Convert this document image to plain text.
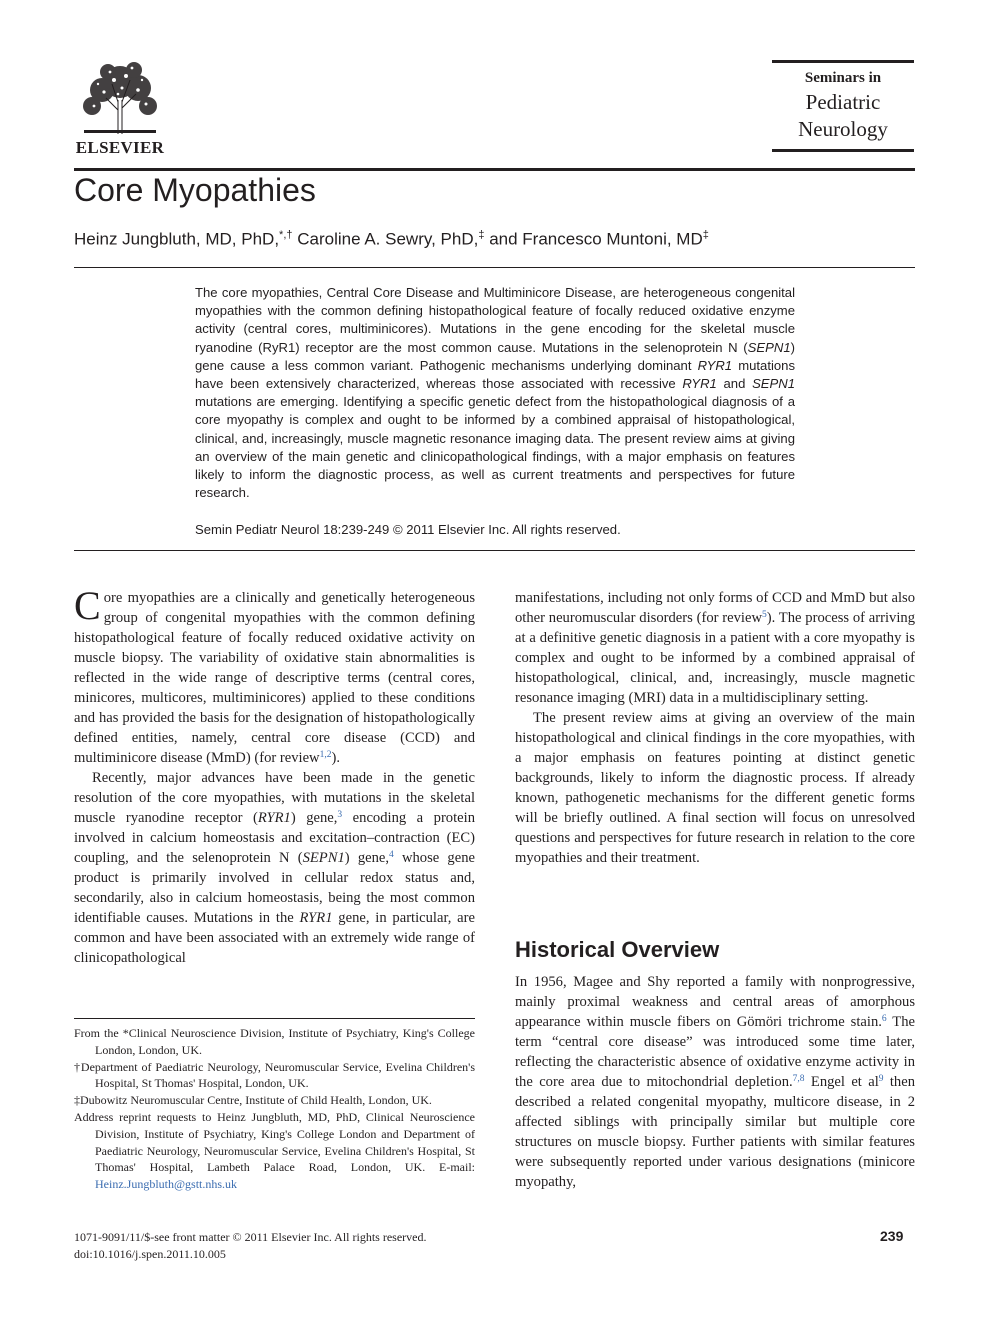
ELSEVIER
Seminars in
Pediatric
Neurology
Core Myopathies
Heinz Jungbluth, MD, PhD,*,† Caroline A. Sewry, PhD,‡ and Francesco Muntoni, MD‡

The core myopathies, Central Core Disease and Multiminicore Disease, are heterogeneous congenital myopathies with the common defining histopathological feature of focally reduced oxidative enzyme activity (central cores, multiminicores). Mutations in the gene encoding for the skeletal muscle ryanodine (RyR1) receptor are the most common cause. Mutations in the selenoprotein N (SEPN1) gene cause a less common variant. Pathogenic mechanisms underlying dominant RYR1 mutations have been extensively characterized, whereas those associated with recessive RYR1 and SEPN1 mutations are emerging. Identifying a specific genetic defect from the histopathological diagnosis of a core myopathy is complex and ought to be informed by a combined appraisal of histopathological, clinical, and, increasingly, muscle magnetic resonance imaging data. The present review aims at giving an overview of the main genetic and clinicopathological findings, with a major emphasis on features likely to inform the diagnostic process, as well as current treatments and perspectives for future research.

Semin Pediatr Neurol 18:239-249 © 2011 Elsevier Inc. All rights reserved.

Core myopathies are a clinically and genetically heterogeneous group of congenital myopathies with the common defining histopathological feature of focally reduced oxidative activity on muscle biopsy. The variability of oxidative stain abnormalities is reflected in the wide range of descriptive terms (central cores, minicores, multicores, multiminicores) applied to these conditions and has provided the basis for the designation of histopathologically defined entities, namely, central core disease (CCD) and multiminicore disease (MmD) (for review$^{1,2}$).

Recently, major advances have been made in the genetic resolution of the core myopathies, with mutations in the skeletal muscle ryanodine receptor (RYR1) gene,$^3$ encoding a protein involved in calcium homeostasis and excitation–contraction (EC) coupling, and the selenoprotein N (SEPN1) gene,$^4$ whose gene product is primarily involved in cellular redox status and, secondarily, also in calcium homeostasis, being the most common identifiable causes. Mutations in the RYR1 gene, in particular, are common and have been associated with an extremely wide range of clinicopathological

manifestations, including not only forms of CCD and MmD but also other neuromuscular disorders (for review$^5$). The process of arriving at a definitive genetic diagnosis in a patient with a core myopathy is complex and ought to be informed by a combined appraisal of histopathological, clinical, and, increasingly, muscle magnetic resonance imaging (MRI) data in a multidisciplinary setting.

The present review aims at giving an overview of the main histopathological and clinical findings in the core myopathies, with a major emphasis on features pointing at distinct genetic backgrounds, likely to inform the diagnostic process. If already known, pathogenetic mechanisms for the different genetic forms will be briefly outlined. A final section will focus on unresolved questions and perspectives for future research in relation to the core myopathies and their treatment.

Historical Overview

In 1956, Magee and Shy reported a family with nonprogressive, mainly proximal weakness and central areas of amorphous appearance within muscle fibers on Gömöri trichrome stain.$^6$ The term “central core disease” was introduced some time later, reflecting the characteristic absence of oxidative enzyme activity in the core area due to mitochondrial depletion.$^{7,8}$ Engel et al$^9$ then described a related congenital myopathy, multicore disease, in 2 affected siblings with principally similar but multiple core structures on muscle biopsy. Further patients with similar features were subsequently reported under various designations (minicore myopathy,

From the *Clinical Neuroscience Division, Institute of Psychiatry, King's College London, London, UK.

†Department of Paediatric Neurology, Neuromuscular Service, Evelina Children's Hospital, St Thomas' Hospital, London, UK.

‡Dubowitz Neuromuscular Centre, Institute of Child Health, London, UK.

Address reprint requests to Heinz Jungbluth, MD, PhD, Clinical Neuroscience Division, Institute of Psychiatry, King's College London and Department of Paediatric Neurology, Neuromuscular Service, Evelina Children's Hospital, St Thomas' Hospital, Lambeth Palace Road, London, UK. E-mail: Heinz.Jungbluth@gstt.nhs.uk

1071-9091/11/$-see front matter © 2011 Elsevier Inc. All rights reserved.
doi:10.1016/j.spen.2011.10.005
239
